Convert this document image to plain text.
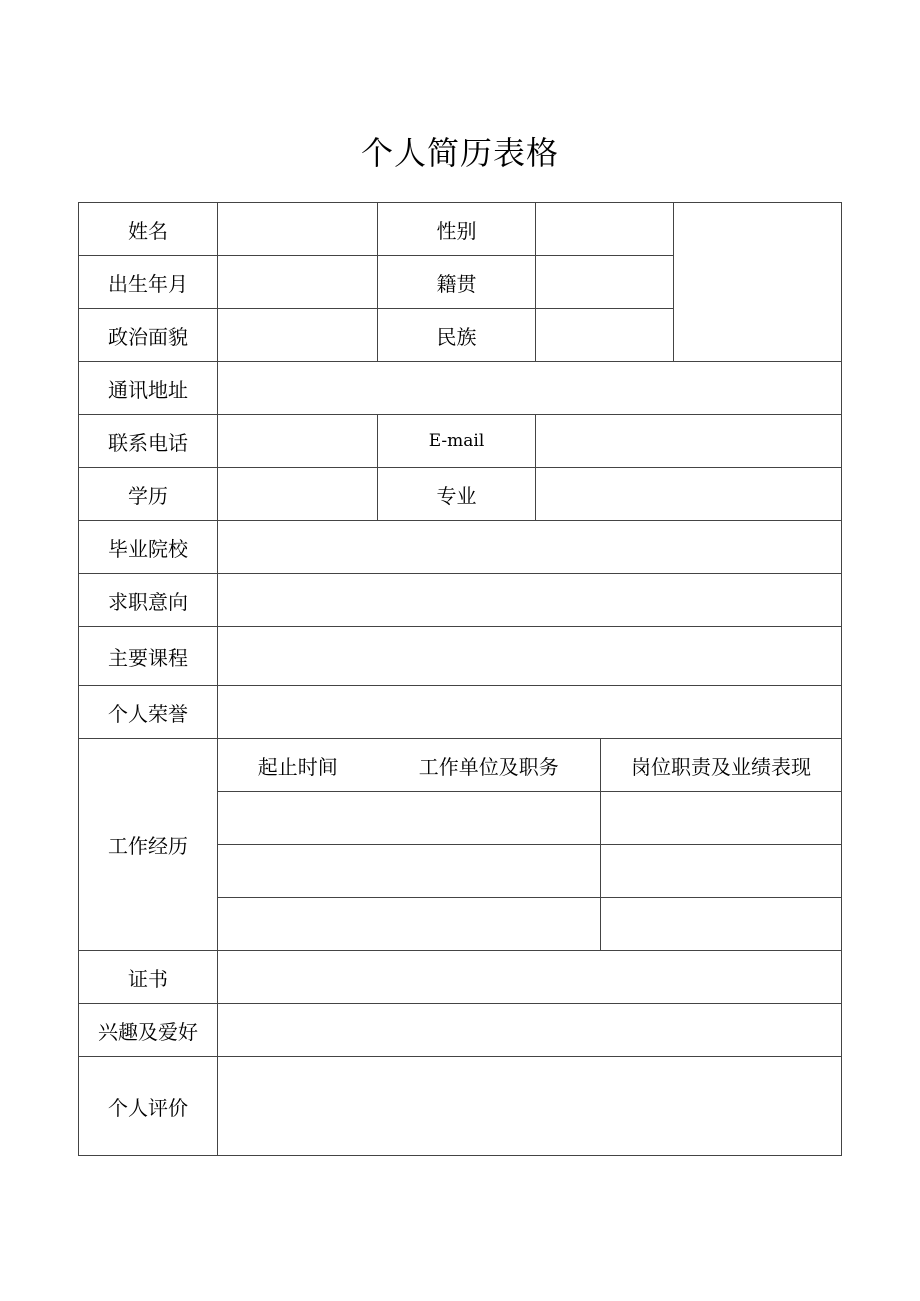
个人简历表格
姓名		性别			
出生年月		籍贯			
政治面貌		民族			
通讯地址					
联系电话		E-mail			
学历		专业			
毕业院校					
求职意向					
主要课程					
个人荣誉					
工作经历	起止时间	工作单位及职务		岗位职责及业绩表现	

证书					
兴趣及爱好					
个人评价					
